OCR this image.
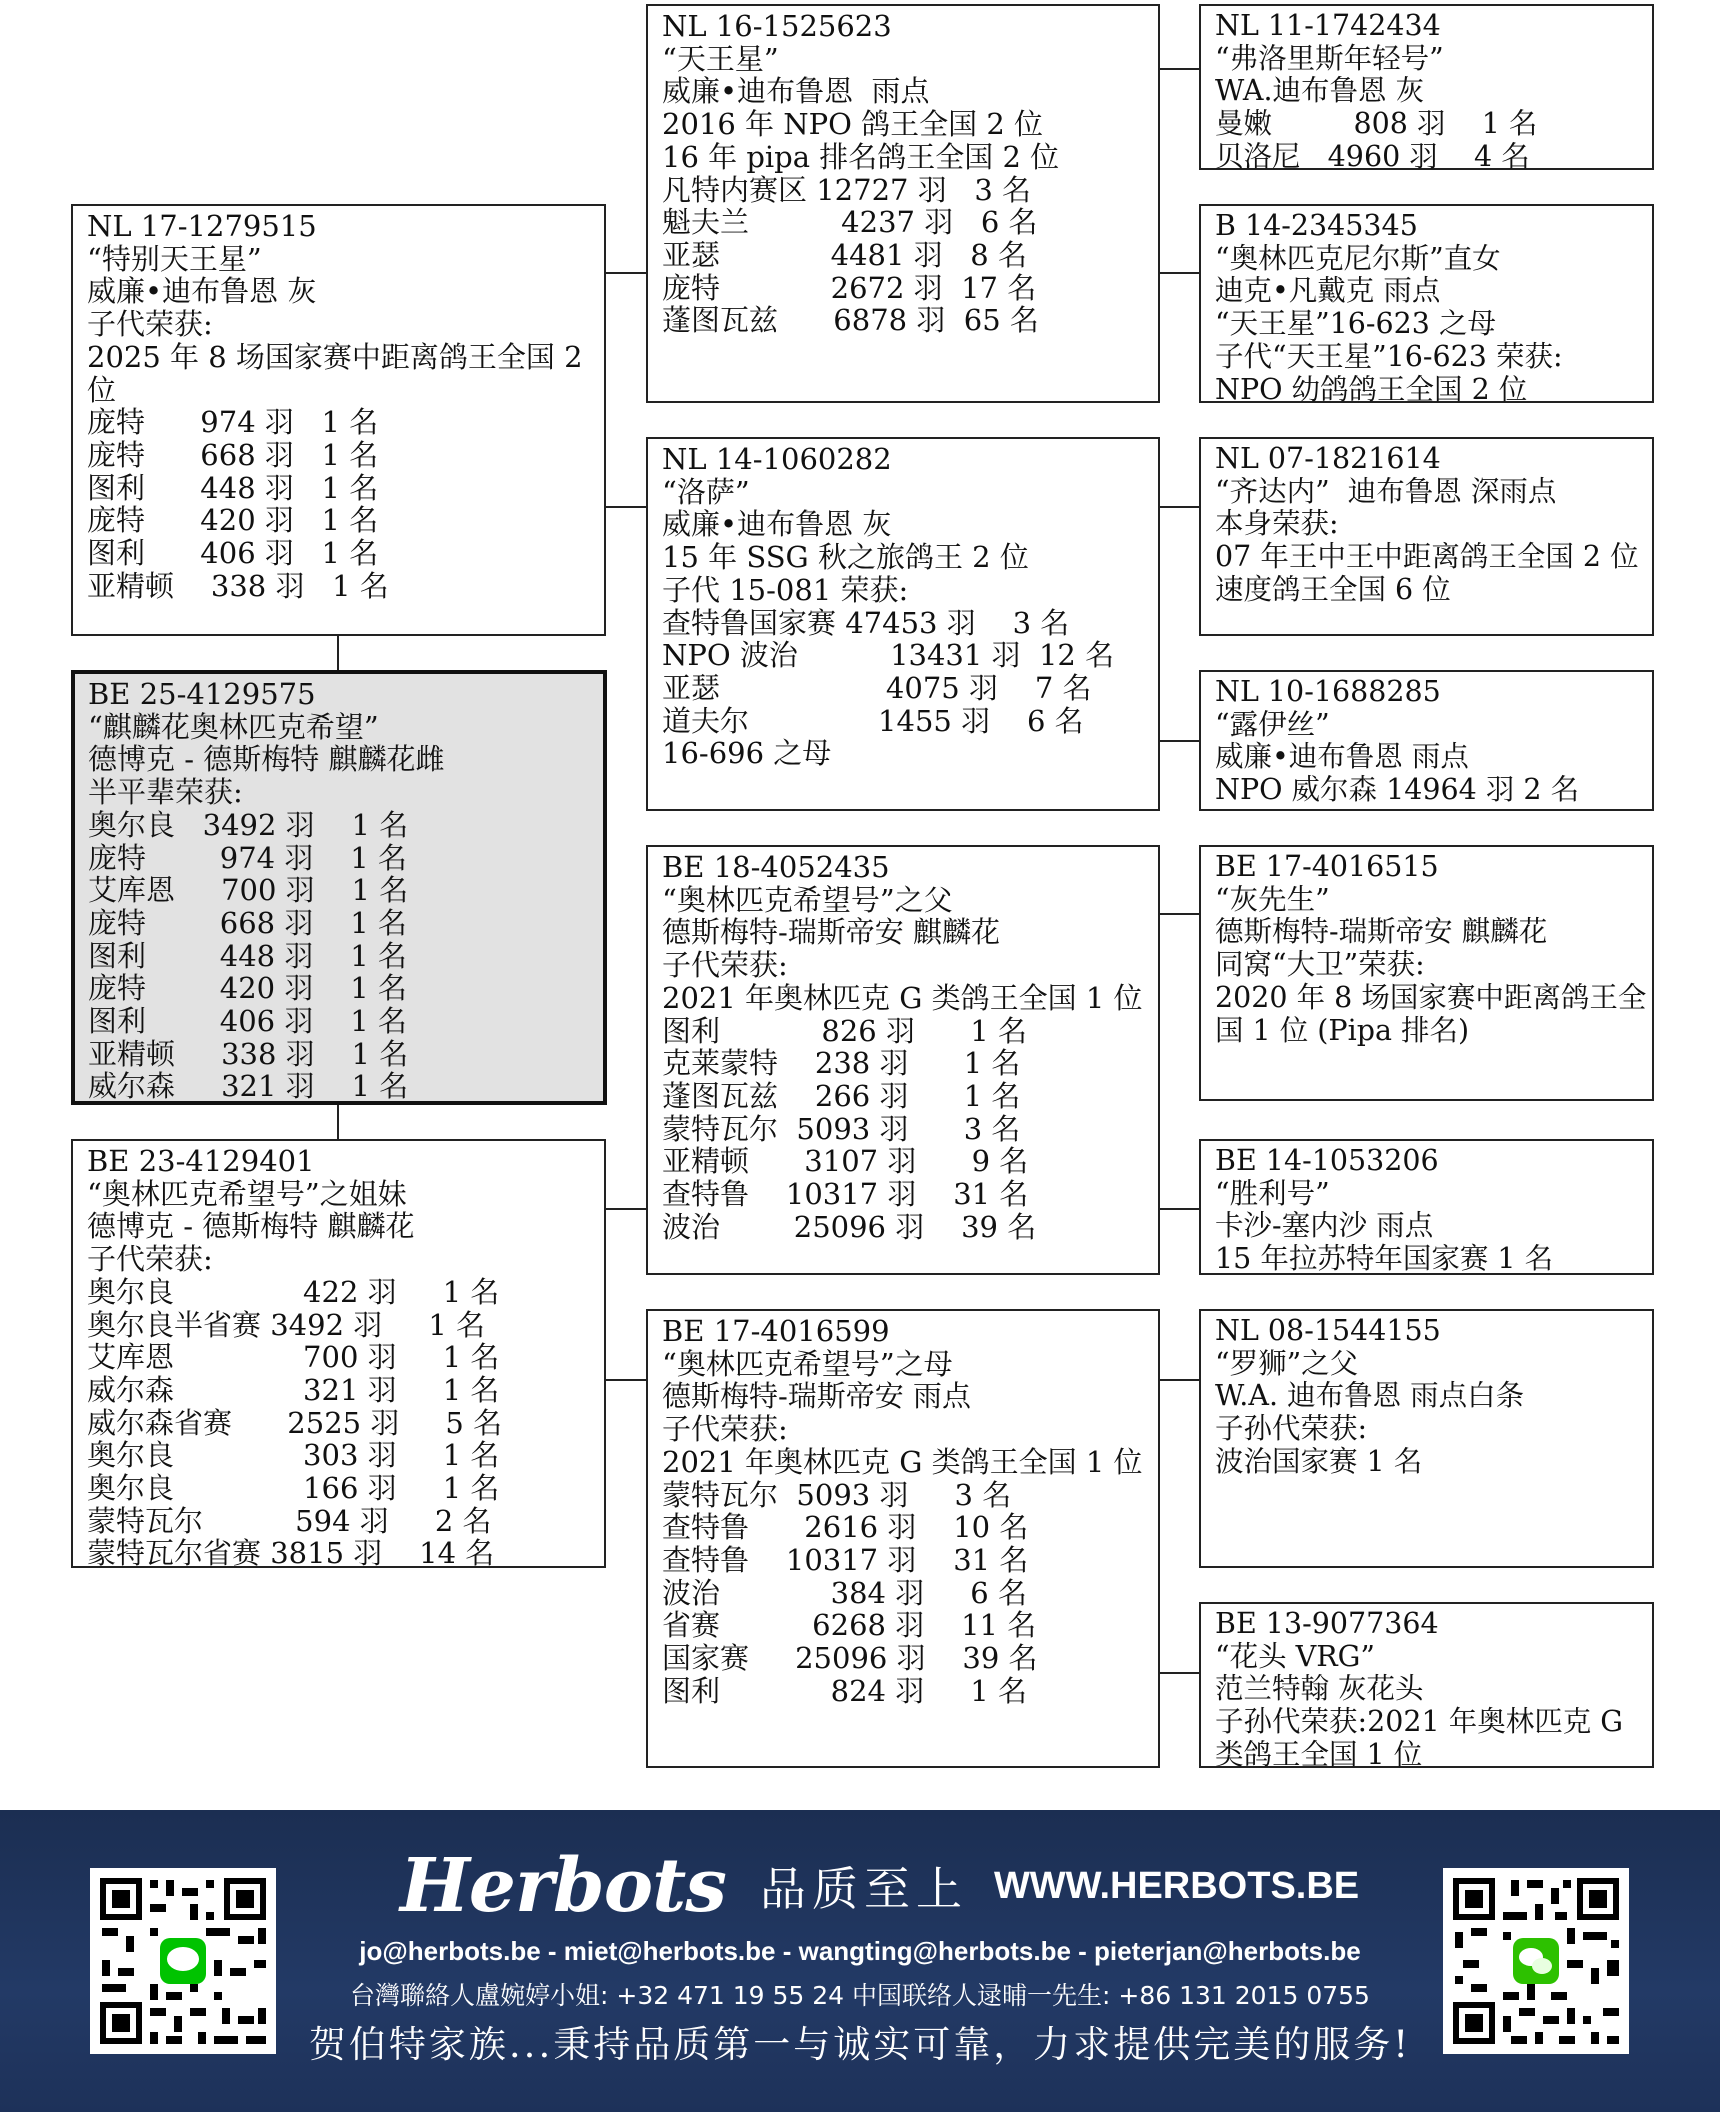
NL 17-1279515
“特别天王星”
威廉•迪布鲁恩 灰
子代荣获:
2025 年 8 场国家赛中距离鸽王全国 2 位
庞特      974 羽   1 名
庞特      668 羽   1 名
图利      448 羽   1 名
庞特      420 羽   1 名
图利      406 羽   1 名
亚精顿    338 羽   1 名
BE 25-4129575
“麒麟花奥林匹克希望”
德博克 - 德斯梅特 麒麟花雌
半平辈荣获:
奥尔良   3492 羽    1 名
庞特        974 羽    1 名
艾库恩     700 羽    1 名
庞特        668 羽    1 名
图利        448 羽    1 名
庞特        420 羽    1 名
图利        406 羽    1 名
亚精顿     338 羽    1 名
威尔森     321 羽    1 名
BE 23-4129401
“奥林匹克希望号”之姐妹
德博克 - 德斯梅特 麒麟花
子代荣获:
奥尔良              422 羽     1 名
奥尔良半省赛 3492 羽     1 名
艾库恩              700 羽     1 名
威尔森              321 羽     1 名
威尔森省赛      2525 羽     5 名
奥尔良              303 羽     1 名
奥尔良              166 羽     1 名
蒙特瓦尔          594 羽     2 名
蒙特瓦尔省赛 3815 羽    14 名
NL 16-1525623
“天王星”
威廉•迪布鲁恩  雨点
2016 年 NPO 鸽王全国 2 位
16 年 pipa 排名鸽王全国 2 位
凡特内赛区 12727 羽   3 名
魁夫兰          4237 羽   6 名
亚瑟            4481 羽   8 名
庞特            2672 羽  17 名
蓬图瓦兹      6878 羽  65 名
NL 14-1060282
“洛萨”
威廉•迪布鲁恩 灰
15 年 SSG 秋之旅鸽王 2 位
子代 15-081 荣获:
查特鲁国家赛 47453 羽    3 名
NPO 波治          13431 羽  12 名
亚瑟                  4075 羽    7 名
道夫尔              1455 羽    6 名
16-696 之母
BE 18-4052435
“奥林匹克希望号”之父
德斯梅特-瑞斯帝安 麒麟花
子代荣获:
2021 年奥林匹克 G 类鸽王全国 1 位
图利           826 羽      1 名
克莱蒙特    238 羽      1 名
蓬图瓦兹    266 羽      1 名
蒙特瓦尔  5093 羽      3 名
亚精顿      3107 羽      9 名
查特鲁    10317 羽    31 名
波治        25096 羽    39 名
BE 17-4016599
“奥林匹克希望号”之母
德斯梅特-瑞斯帝安 雨点
子代荣获:
2021 年奥林匹克 G 类鸽王全国 1 位
蒙特瓦尔  5093 羽     3 名
查特鲁      2616 羽    10 名
查特鲁    10317 羽    31 名
波治            384 羽     6 名
省赛          6268 羽    11 名
国家赛     25096 羽    39 名
图利            824 羽     1 名
NL 11-1742434
“弗洛里斯年轻号”
WA.迪布鲁恩 灰
曼嫩         808 羽    1 名
贝洛尼   4960 羽    4 名
B 14-2345345
“奥林匹克尼尔斯”直女
迪克•凡戴克 雨点
“天王星”16-623 之母
子代“天王星”16-623 荣获:
NPO 幼鸽鸽王全国 2 位
NL 07-1821614
“齐达内”  迪布鲁恩 深雨点
本身荣获:
07 年王中王中距离鸽王全国 2 位
速度鸽王全国 6 位
NL 10-1688285
“露伊丝”
威廉•迪布鲁恩 雨点
NPO 威尔森 14964 羽 2 名
BE 17-4016515
“灰先生”
德斯梅特-瑞斯帝安 麒麟花
同窝“大卫”荣获:
2020 年 8 场国家赛中距离鸽王全国 1 位 (Pipa 排名)
BE 14-1053206
“胜利号”
卡沙-塞内沙 雨点
15 年拉苏特年国家赛 1 名
NL 08-1544155
“罗狮”之父
W.A. 迪布鲁恩 雨点白条
子孙代荣获:
波治国家赛 1 名
BE 13-9077364
“花头 VRG”
范兰特翰 灰花头
子孙代荣获:2021 年奥林匹克 G 类鸽王全国 1 位
Herbots 品质至上 WWW.HERBOTS.BE
jo@herbots.be - miet@herbots.be - wangting@herbots.be - pieterjan@herbots.be
台灣聯絡人盧婉婷小姐: +32 471 19 55 24 中国联络人逯晡一先生: +86 131 2015 0755
贺伯特家族...秉持品质第一与诚实可靠，力求提供完美的服务!
